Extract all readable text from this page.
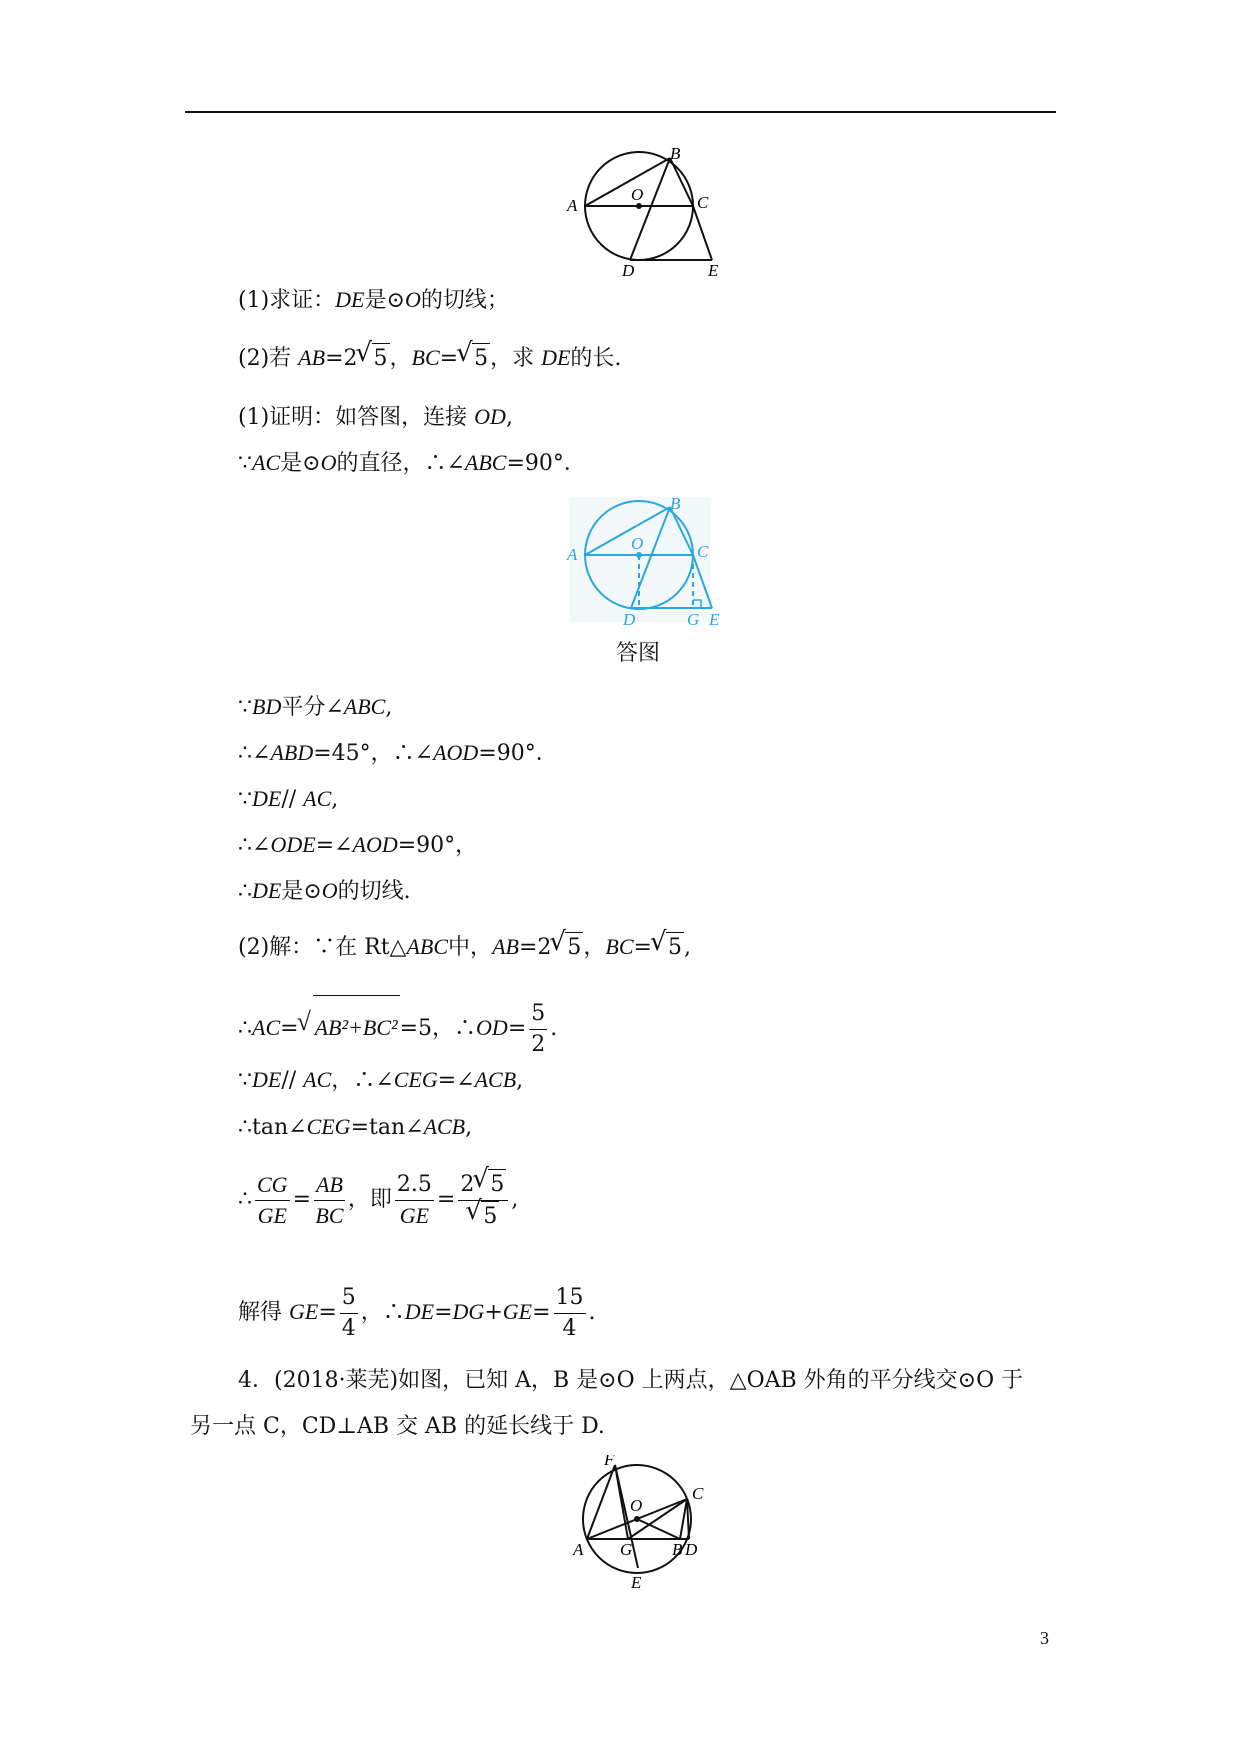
B
A
O	C
D	E
(1)求证：DE是⊙O的切线；
(2)若 AB=2√ 5，BC=√ 5，求 DE的长.
(1)证明：如答图，连接 OD,
∵AC是⊙O的直径，∴∠ABC=90°．
B
A
O	C
D	G E
答图
∵BD平分∠ABC,
∴∠ABD=45°，∴∠AOD=90°．
∵DE// AC,
∴∠ODE=∠AOD=90°，
∴DE是⊙O的切线.
(2)解：∵在 Rt△ABC中，AB=2√ 5，BC=√ 5,
∴AC=√ AB²+BC²=5，∴OD= $\frac{5}{2}$ .
∵DE// AC，∴∠CEG=∠ACB,
∴tan∠CEG=tan∠ACB,
∴ $\frac{CG}{GE} = \frac{AB}{BC}$ ，即 $\frac{2.5}{GE} = 2√$ 5
√ 5 ,
解得 $GE= \frac{5}{4}$ ，∴DE=DG+GE= $\frac{15}{4}$ .
4．(2018·莱芜)如图，已知 A，B 是⊙O 上两点，△OAB 外角的平分线交⊙O 于
另一点 C，CD⊥AB 交 AB 的延长线于 D.
F
O
C
A G B D
E
3
